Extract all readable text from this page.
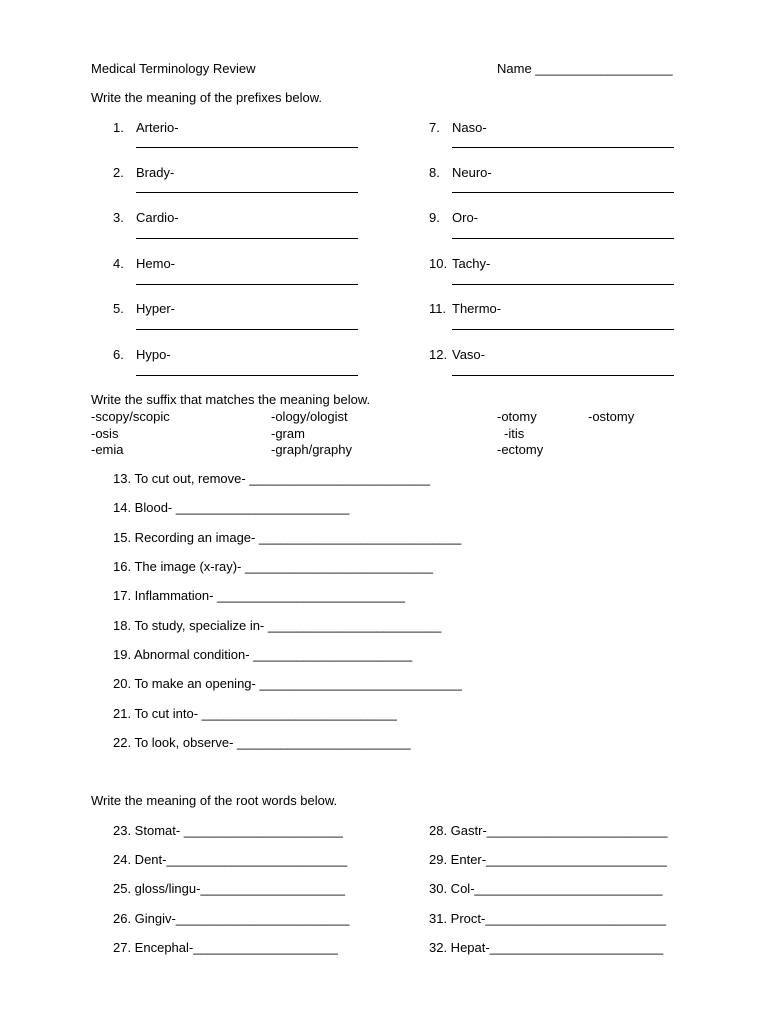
Medical Terminology Review	Name ___________________
Write the meaning of the prefixes below.
1. Arterio-
2. Brady-
3. Cardio-
4. Hemo-
5. Hyper-
6. Hypo-
7. Naso-
8. Neuro-
9. Oro-
10. Tachy-
11. Thermo-
12. Vaso-
Write the suffix that matches the meaning below.
-scopy/scopic	-ology/ologist	-otomy	-ostomy
-osis	-gram	-itis
-emia	-graph/graphy	-ectomy
13. To cut out, remove- _________________________
14. Blood- ________________________
15. Recording an image- ____________________________
16. The image (x-ray)- __________________________
17. Inflammation- __________________________
18. To study, specialize in- ________________________
19. Abnormal condition- ______________________
20. To make an opening- ____________________________
21. To cut into- ___________________________
22. To look, observe- ________________________
Write the meaning of the root words below.
23. Stomat- ______________________
24. Dent-_________________________
25. gloss/lingu-____________________
26. Gingiv-________________________
27. Encephal-____________________
28. Gastr-_________________________
29. Enter-_________________________
30. Col-__________________________
31. Proct-_________________________
32. Hepat-________________________
